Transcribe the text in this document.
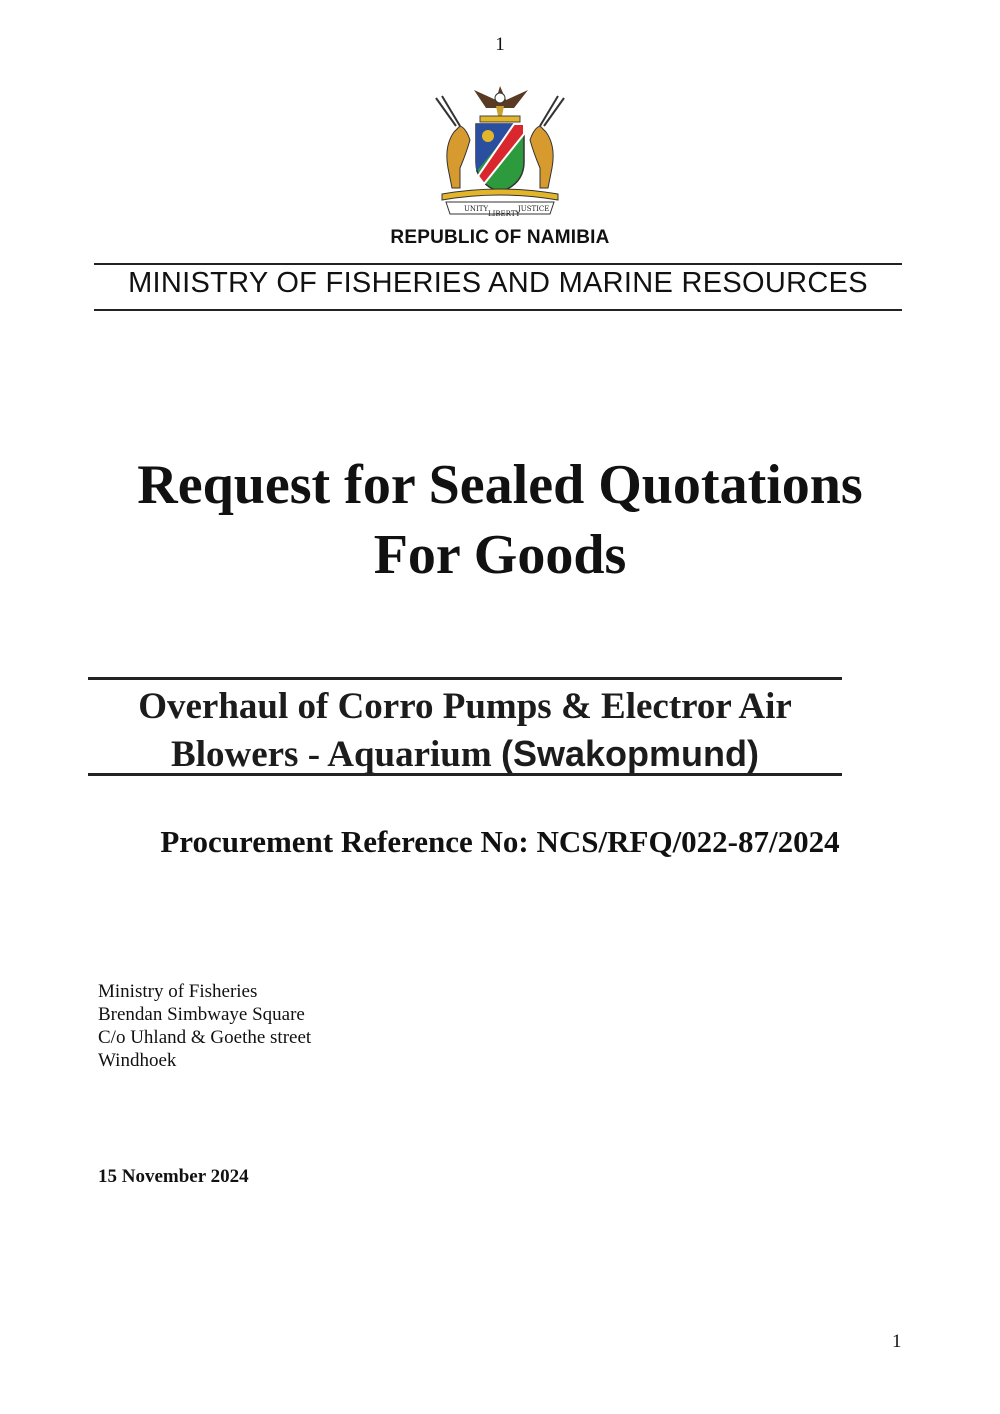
1
UNITY
LIBERTY
JUSTICE
REPUBLIC OF NAMIBIA
MINISTRY OF FISHERIES AND MARINE RESOURCES
Request for Sealed Quotations
For Goods
Overhaul of Corro Pumps & Electror Air
Blowers - Aquarium (Swakopmund)
Procurement Reference No: NCS/RFQ/022-87/2024
Ministry of Fisheries
Brendan Simbwaye Square
C/o Uhland & Goethe street
Windhoek
15 November 2024
1
